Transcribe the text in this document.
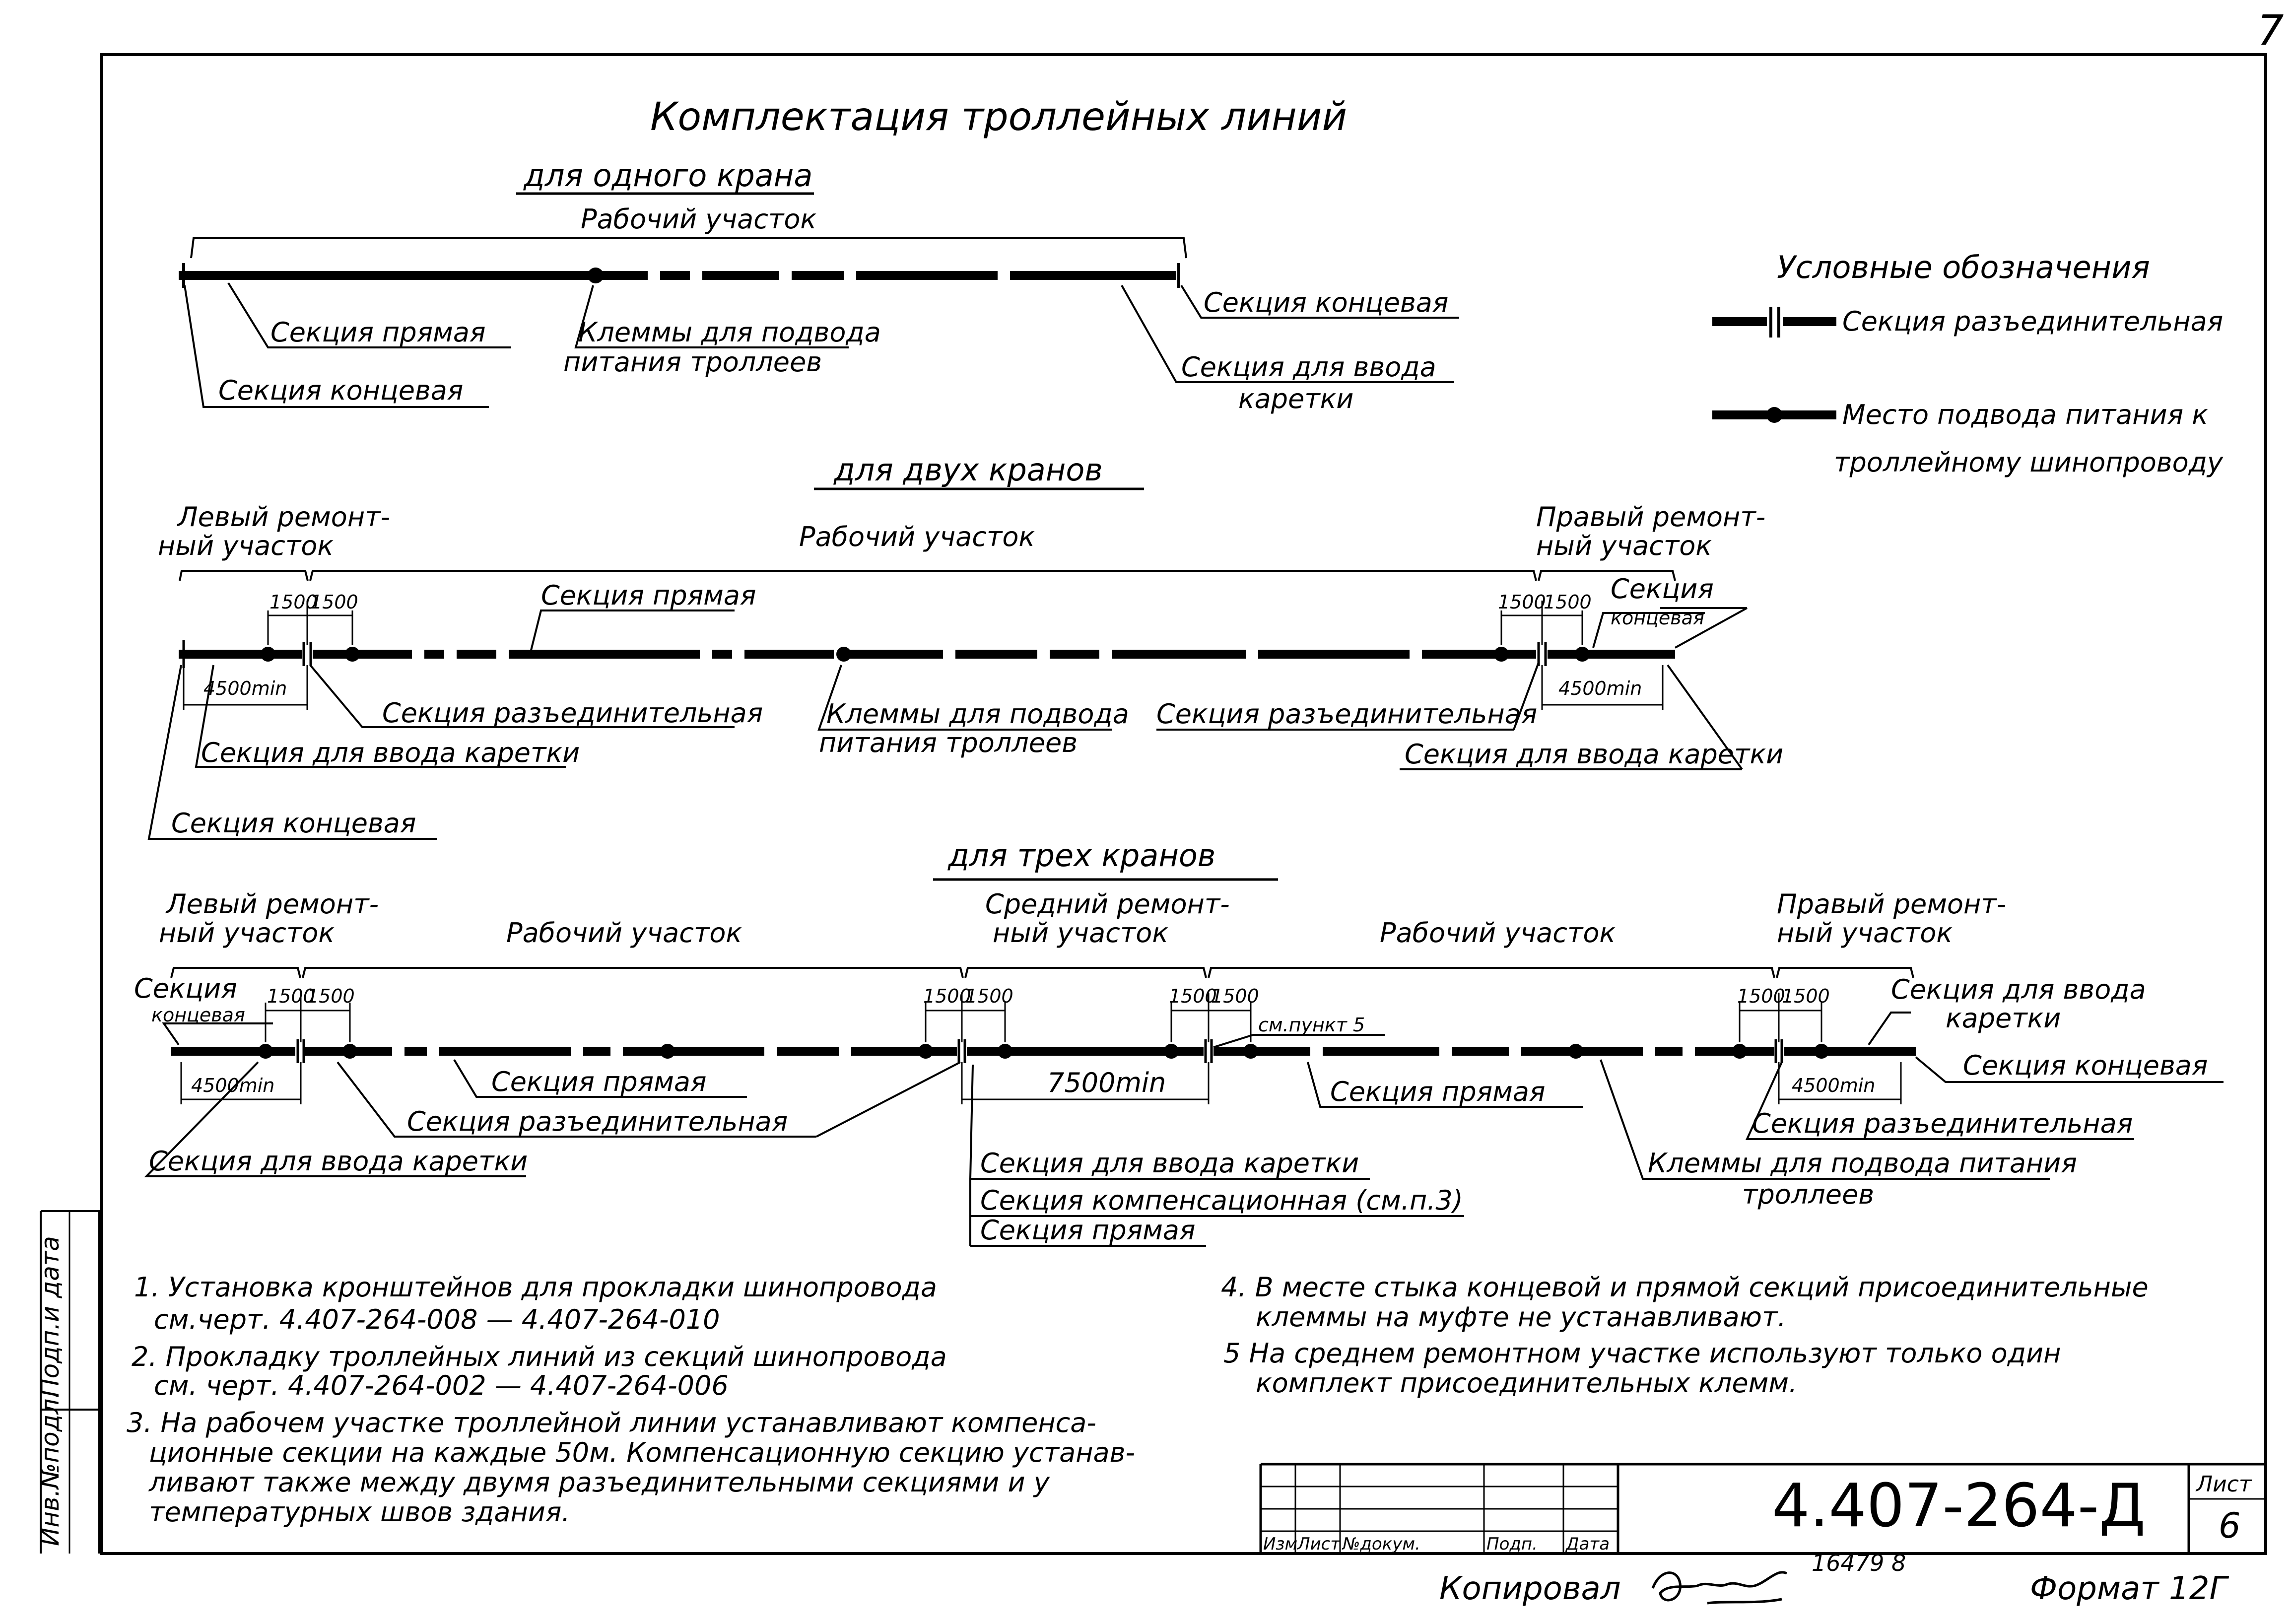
7
Комплектация троллейных линий
Условные обозначения
Секция разъединительная
Место подвода питания к
троллейному шинопроводу
для одного крана
Рабочий участок
Секция прямая
Секция концевая
Клеммы для подвода
питания троллеев
Секция концевая
Секция для ввода
каретки
для двух кранов
Левый ремонт-
ный участок	Рабочий участок
Правый ремонт-
ный участок
1500
1500	1500
1500
4500min	4500min
Секция прямая	Секция
концевая
Секция разъединительная
Секция для ввода каретки
Секция концевая
Клеммы для подвода
питания троллеев
Секция разъединительная
Секция для ввода каретки
для трех кранов
Левый ремонт-
ный участок	Рабочий участок
Средний ремонт-
ный участок	Рабочий участок
Правый ремонт-
ный участок
1500
1500	1500
1500	1500
1500	1500
1500
4500min	7500min	4500min
см.пункт 5
Секция
концевая
Секция для ввода
каретки
Секция концевая
Секция прямая
Секция разъединительная
Секция для ввода каретки
Секция прямая
Секция для ввода каретки
Секция компенсационная (см.п.3)
Секция прямая
Клеммы для подвода питания
троллеев
Секция разъединительная
1. Установка кронштейнов для прокладки шинопровода
см.черт. 4.407-264-008 — 4.407-264-010
2. Прокладку троллейных линий из секций шинопровода
см. черт. 4.407-264-002 — 4.407-264-006
3. На рабочем участке троллейной линии устанавливают компенса-
ционные секции на каждые 50м. Компенсационную секцию устанав-
ливают также между двумя разъединительными секциями и у
температурных швов здания.
4. В месте стыка концевой и прямой секций присоединительные
клеммы на муфте не устанавливают.
5 На среднем ремонтном участке используют только один
комплект присоединительных клемм.
Подп.и дата
Инв.№подл.	Изм Лист №докум.	Подп. Дата
4.407-264-Д Лист
6
Копировал
16479 8
Формат 12Г
